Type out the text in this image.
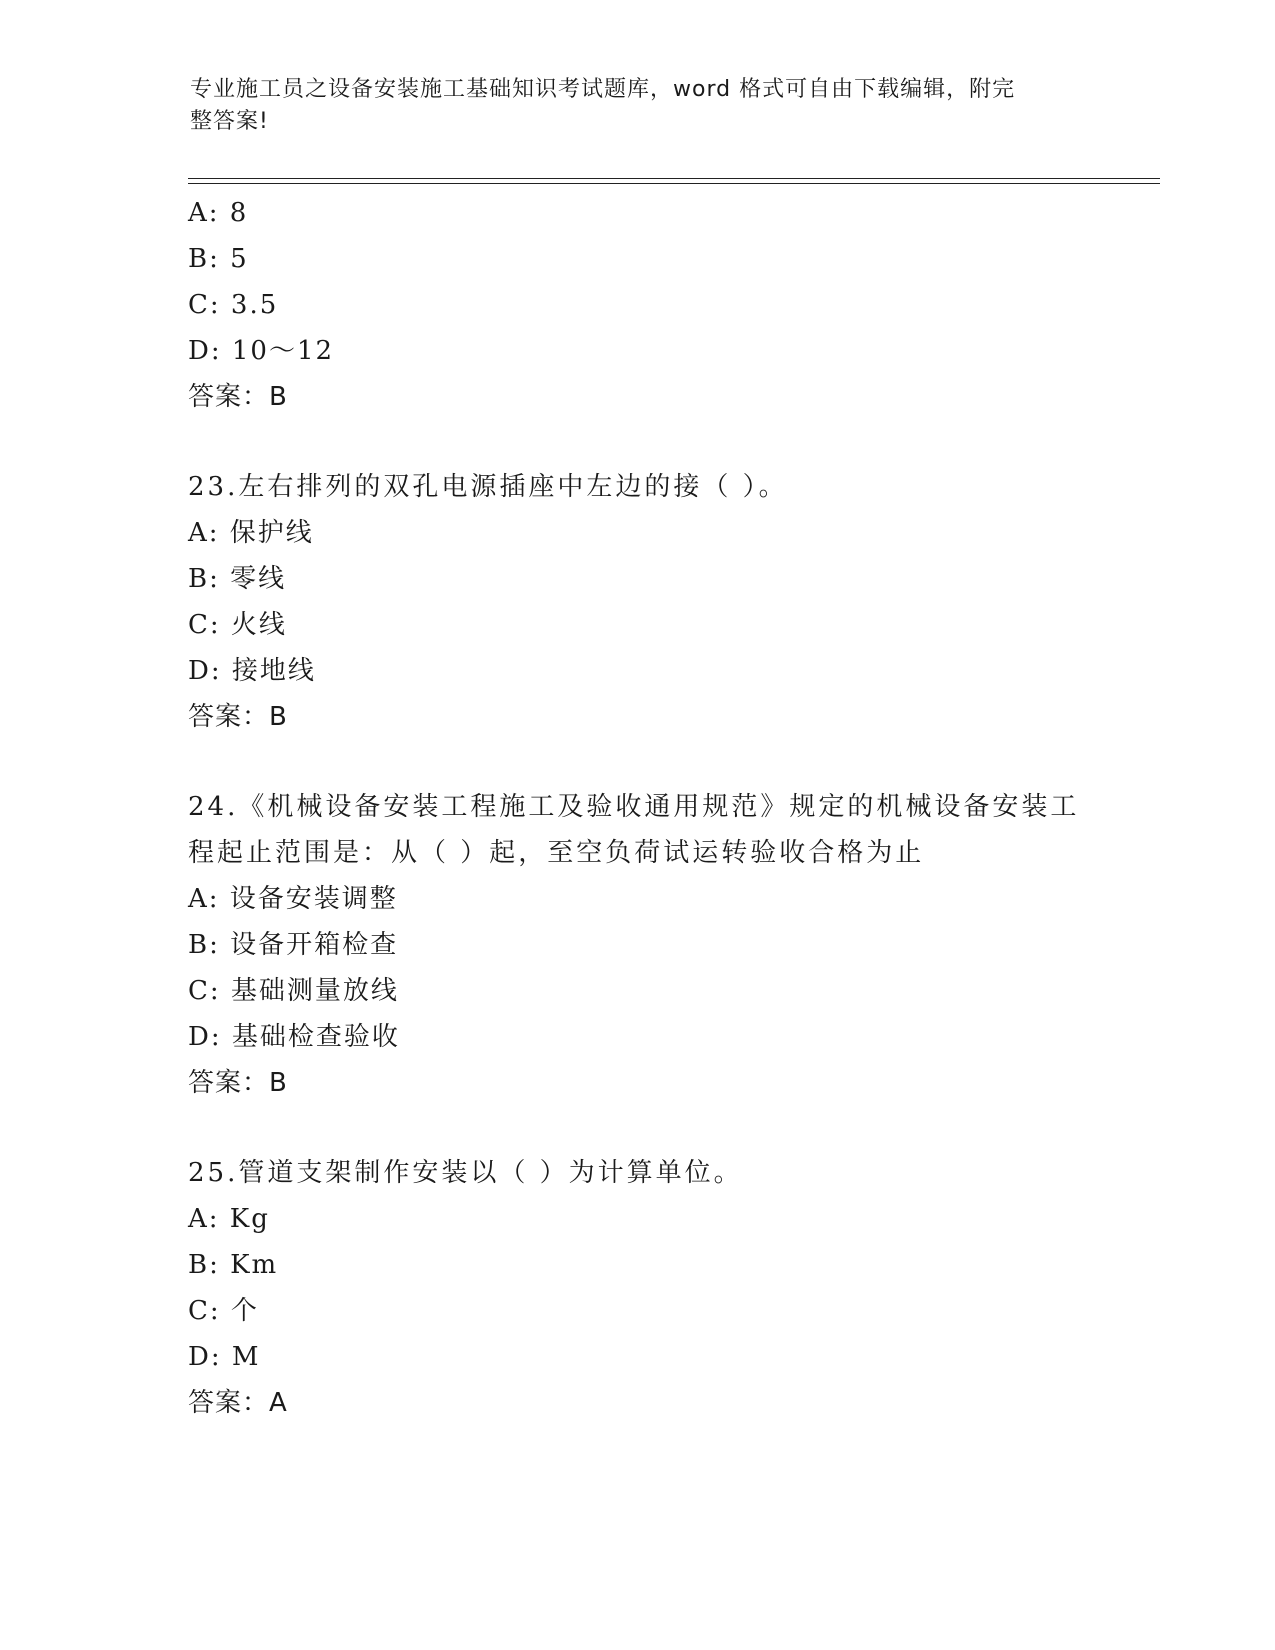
专业施工员之设备安装施工基础知识考试题库，word 格式可自由下载编辑，附完
整答案!
A: 8
B: 5
C: 3.5
D: 10～12
答案：B
23.左右排列的双孔电源插座中左边的接（ ）。
A: 保护线
B: 零线
C: 火线
D: 接地线
答案：B
24.《机械设备安装工程施工及验收通用规范》规定的机械设备安装工
程起止范围是：从（ ）起，至空负荷试运转验收合格为止
A: 设备安装调整
B: 设备开箱检查
C: 基础测量放线
D: 基础检查验收
答案：B
25.管道支架制作安装以（ ）为计算单位。
A: Kg
B: Km
C: 个
D: M
答案：A
